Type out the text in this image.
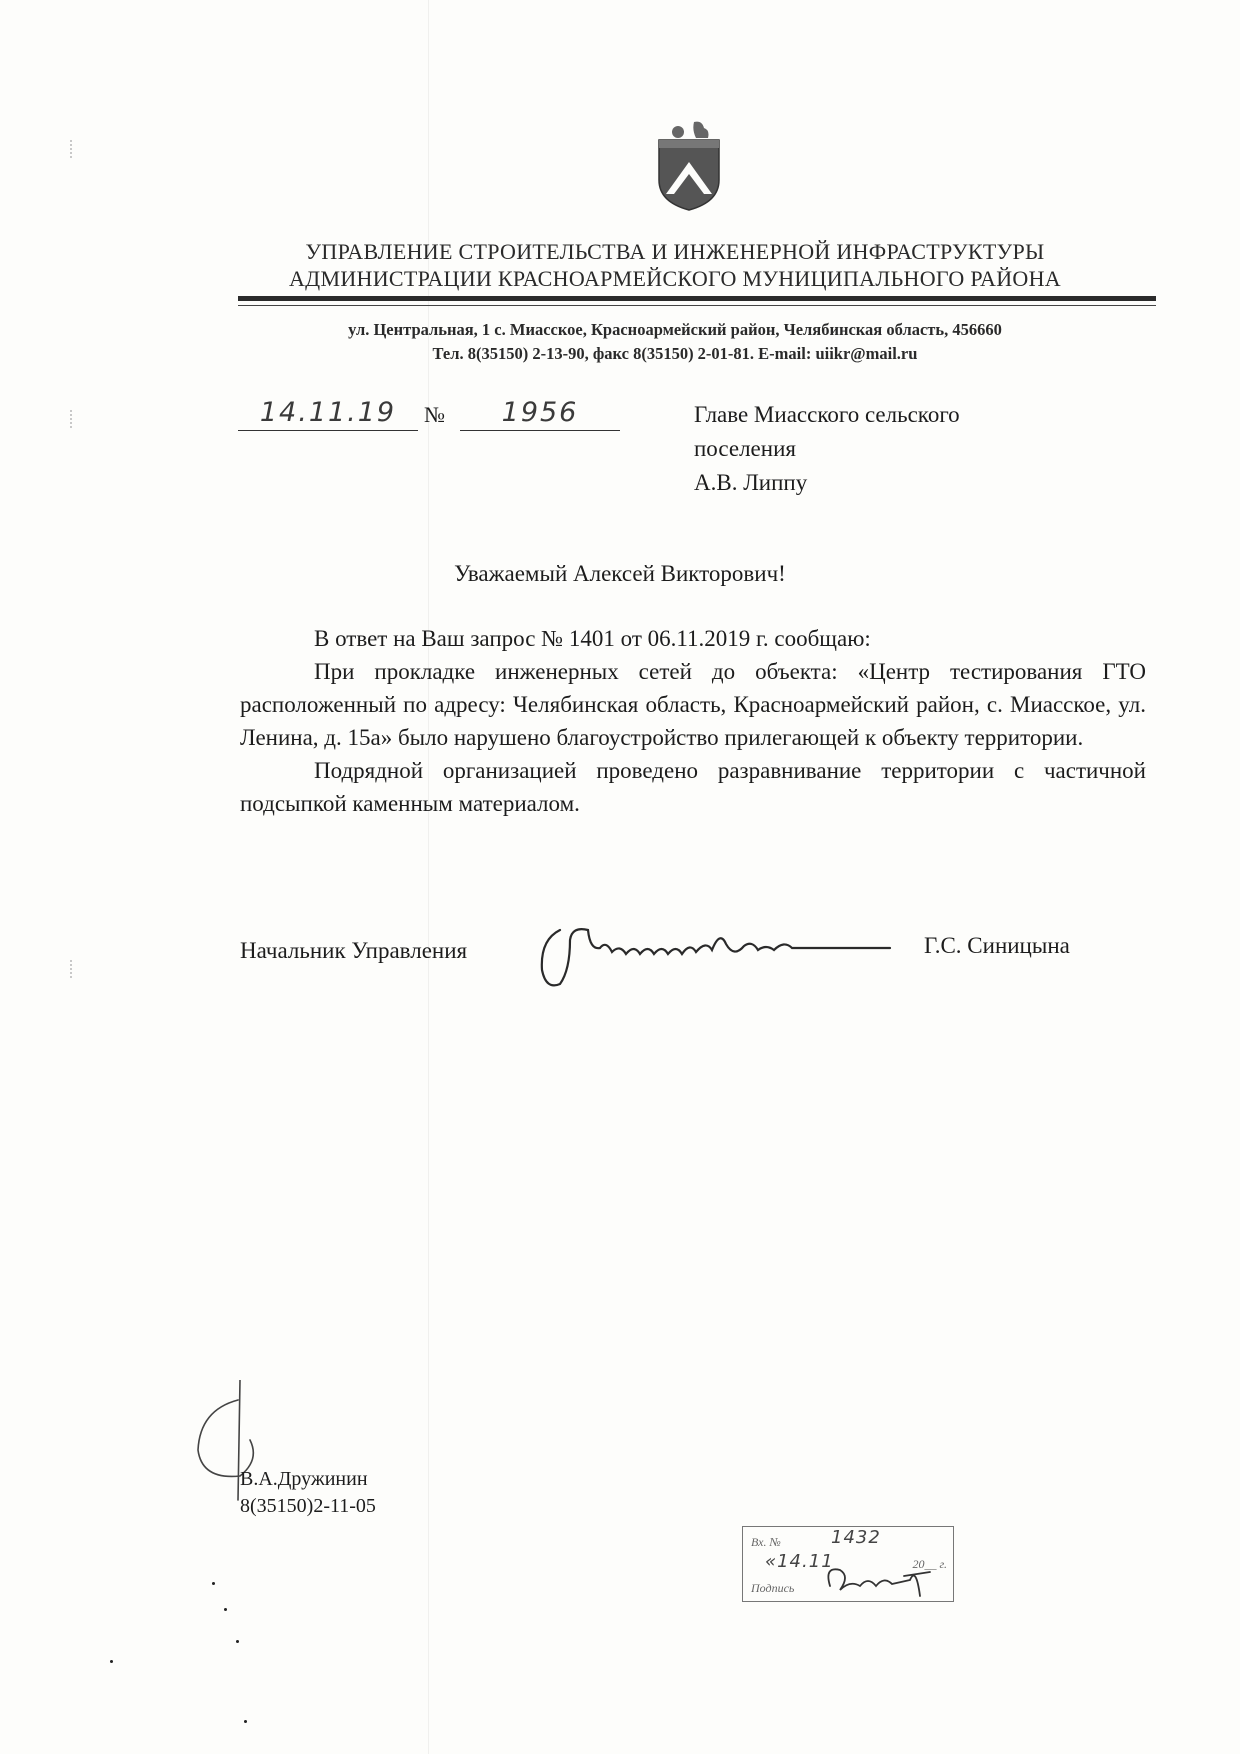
УПРАВЛЕНИЕ СТРОИТЕЛЬСТВА И ИНЖЕНЕРНОЙ ИНФРАСТРУКТУРЫ
АДМИНИСТРАЦИИ КРАСНОАРМЕЙСКОГО МУНИЦИПАЛЬНОГО РАЙОНА
ул. Центральная, 1 с. Миасское, Красноармейский район, Челябинская область, 456660
Тел. 8(35150) 2-13-90, факс 8(35150) 2-01-81. E-mail: uiikr@mail.ru
14.11.19	№	1956	Главе Миасского сельского
поселения
А.В. Липпу
Уважаемый Алексей Викторович!

В ответ на Ваш запрос № 1401 от 06.11.2019 г. сообщаю:

При прокладке инженерных сетей до объекта: «Центр тестирования ГТО расположенный по адресу: Челябинская область, Красноармейский район, с. Миасское, ул. Ленина, д. 15а» было нарушено благоустройство прилегающей к объекту территории.

Подрядной организацией проведено разравнивание территории с частичной подсыпкой каменным материалом.

Начальник Управления	Г.С. Синицына
В.А.Дружинин
8(35150)2-11-05
Вх. №	1432
«14.11	20__ г.
Подпись
